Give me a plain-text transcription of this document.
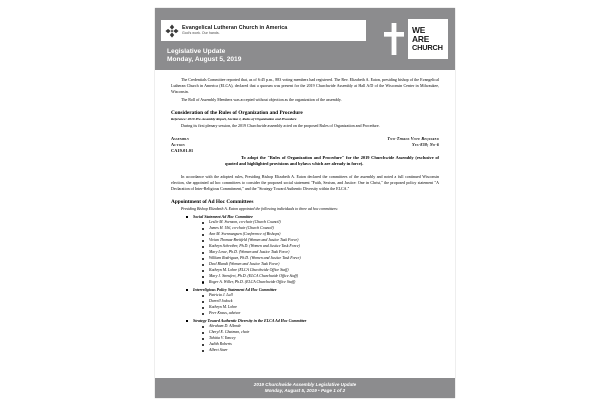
Evangelical Lutheran Church in America
God's work. Our hands.
Legislative Update
Monday, August 5, 2019
WE
ARE
CHURCH

The Credentials Committee reported that, as of 6:45 p.m., 883 voting members had registered. The Rev. Elizabeth A. Eaton, presiding bishop of the Evangelical Lutheran Church in America (ELCA), declared that a quorum was present for the 2019 Churchwide Assembly at Hall A/D of the Wisconsin Center in Milwaukee, Wisconsin.

The Roll of Assembly Members was accepted without objection as the organization of the assembly.

Consideration of the Rules of Organization and Procedure
Reference: 2019 Pre-Assembly Report, Section I, Rules of Organization and Procedure

During its first plenary session, the 2019 Churchwide assembly acted on the proposed Rules of Organization and Procedure.

Assembly	Two-Thirds Vote Required
Action	Yes-838; No-6
CA19.01.01
To adopt the "Rules of Organization and Procedure" for the 2019 Churchwide Assembly (exclusive of quoted and highlighted provisions and bylaws which are already in force).

In accordance with the adopted rules, Presiding Bishop Elizabeth A. Eaton declared the committees of the assembly and noted a full continued Wisconsin election, she appointed ad hoc committees to consider the proposed social statement "Faith, Sexism, and Justice: One in Christ," the proposed policy statement "A Declaration of Inter-Religious Commitment," and the "Strategy Toward Authentic Diversity within the ELCA."

Appointment of Ad Hoc Committees
Presiding Bishop Elizabeth A. Eaton appointed the following individuals to three ad hoc committees:
Social Statement Ad Hoc Committee
Leslie M. Svenson, co-chair (Church Council)
James H. Uhl, co-chair (Church Council)
Ann M. Svennungsen (Conference of Bishops)
Vivian Thomas-Breitfeld (Women and Justice Task Force)
Kathryn Schreiber, Ph.D. (Women and Justice Task Force)
Mary Lowe, Ph.D. (Women and Justice Task Force)
William Rodriguez, Ph.D. (Women and Justice Task Force)
Deal Blandi (Women and Justice Task Force)
Kathryn M. Lohre (ELCA Churchwide Office Staff)
Mary J. Streufert, Ph.D. (ELCA Churchwide Office Staff)
Roger A. Willer, Ph.D. (ELCA Churchwide Office Staff)
Interreligious Policy Statement Ad Hoc Committee
Patricia J. Lull
Darrell Jodock
Kathryn M. Lohre
Peer Kraus, advisor
Strategy Toward Authentic Diversity in the ELCA Ad Hoc Committee
Abraham D. Allende
Cheryl E. Chatman, chair
Tahitia V. Yancey
Judith Roberts
Albert Starr
2019 Churchwide Assembly Legislative Update
Monday, August 5, 2019 • Page 1 of 2
